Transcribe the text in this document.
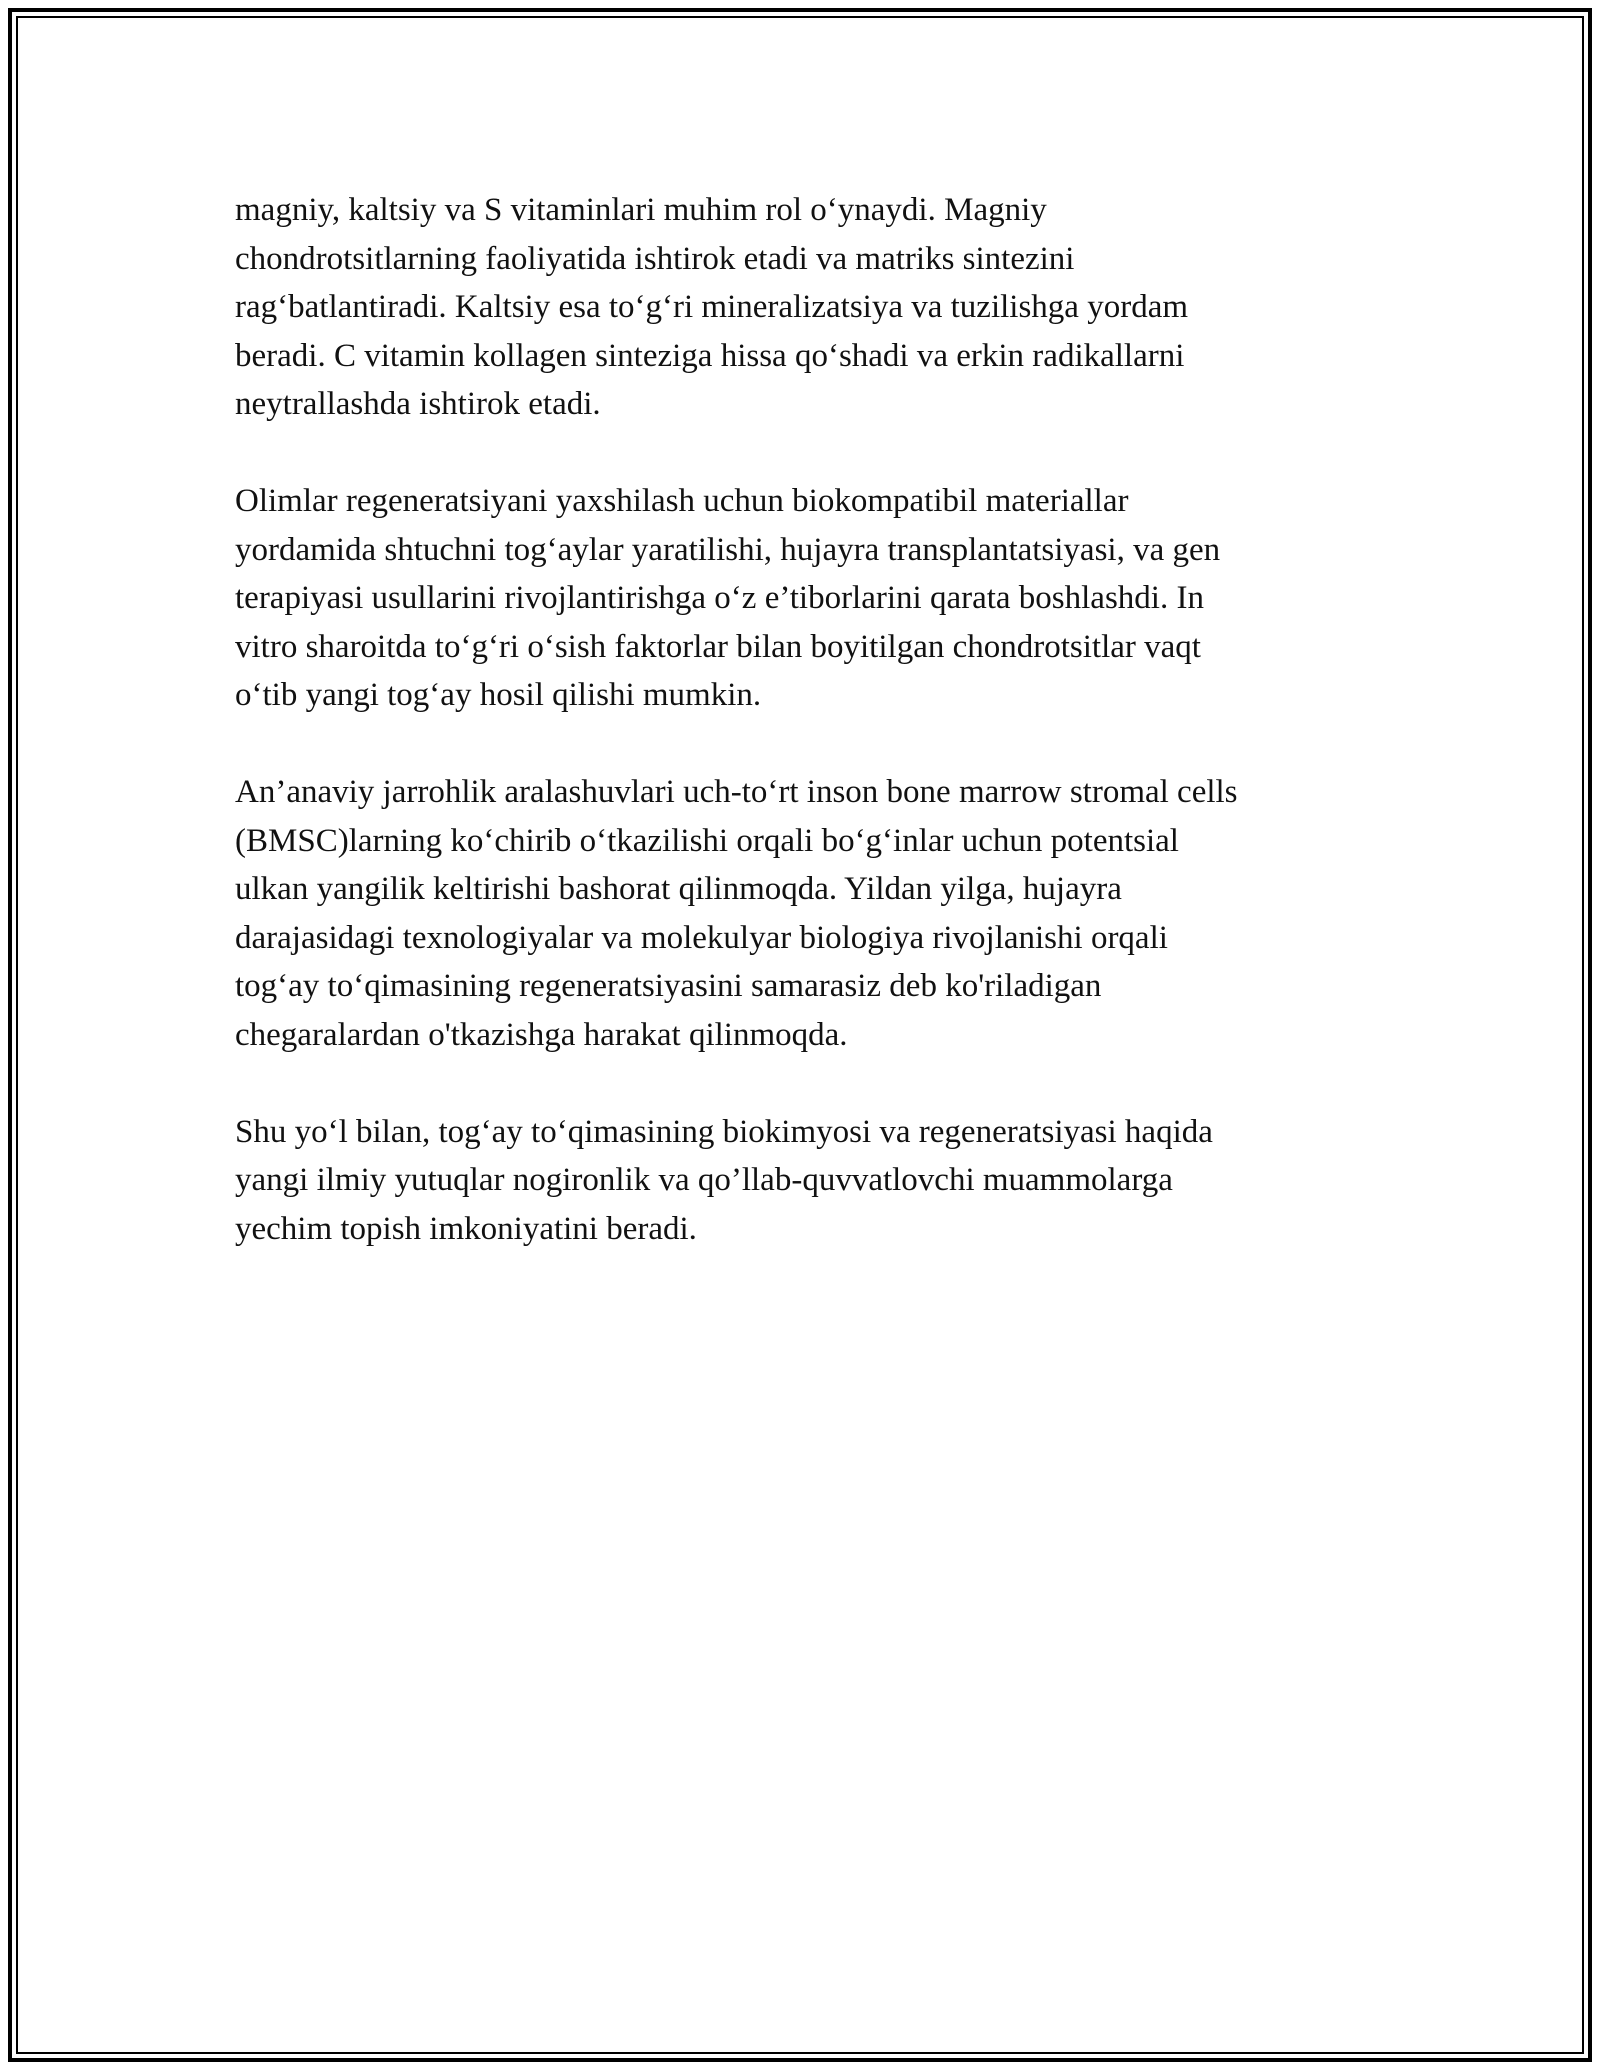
magniy, kaltsiy va S vitaminlari muhim rol o‘ynaydi. Magniy
chondrotsitlarning faoliyatida ishtirok etadi va matriks sintezini
rag‘batlantiradi. Kaltsiy esa to‘g‘ri mineralizatsiya va tuzilishga yordam
beradi. C vitamin kollagen sinteziga hissa qo‘shadi va erkin radikallarni
neytrallashda ishtirok etadi.

Olimlar regeneratsiyani yaxshilash uchun biokompatibil materiallar
yordamida shtuchni tog‘aylar yaratilishi, hujayra transplantatsiyasi, va gen
terapiyasi usullarini rivojlantirishga o‘z e’tiborlarini qarata boshlashdi. In
vitro sharoitda to‘g‘ri o‘sish faktorlar bilan boyitilgan chondrotsitlar vaqt
o‘tib yangi tog‘ay hosil qilishi mumkin.

An’anaviy jarrohlik aralashuvlari uch-to‘rt inson bone marrow stromal cells
(BMSC)larning ko‘chirib o‘tkazilishi orqali bo‘g‘inlar uchun potentsial
ulkan yangilik keltirishi bashorat qilinmoqda. Yildan yilga, hujayra
darajasidagi texnologiyalar va molekulyar biologiya rivojlanishi orqali
tog‘ay to‘qimasining regeneratsiyasini samarasiz deb ko'riladigan
chegaralardan o'tkazishga harakat qilinmoqda.

Shu yo‘l bilan, tog‘ay to‘qimasining biokimyosi va regeneratsiyasi haqida
yangi ilmiy yutuqlar nogironlik va qo’llab-quvvatlovchi muammolarga
yechim topish imkoniyatini beradi.
